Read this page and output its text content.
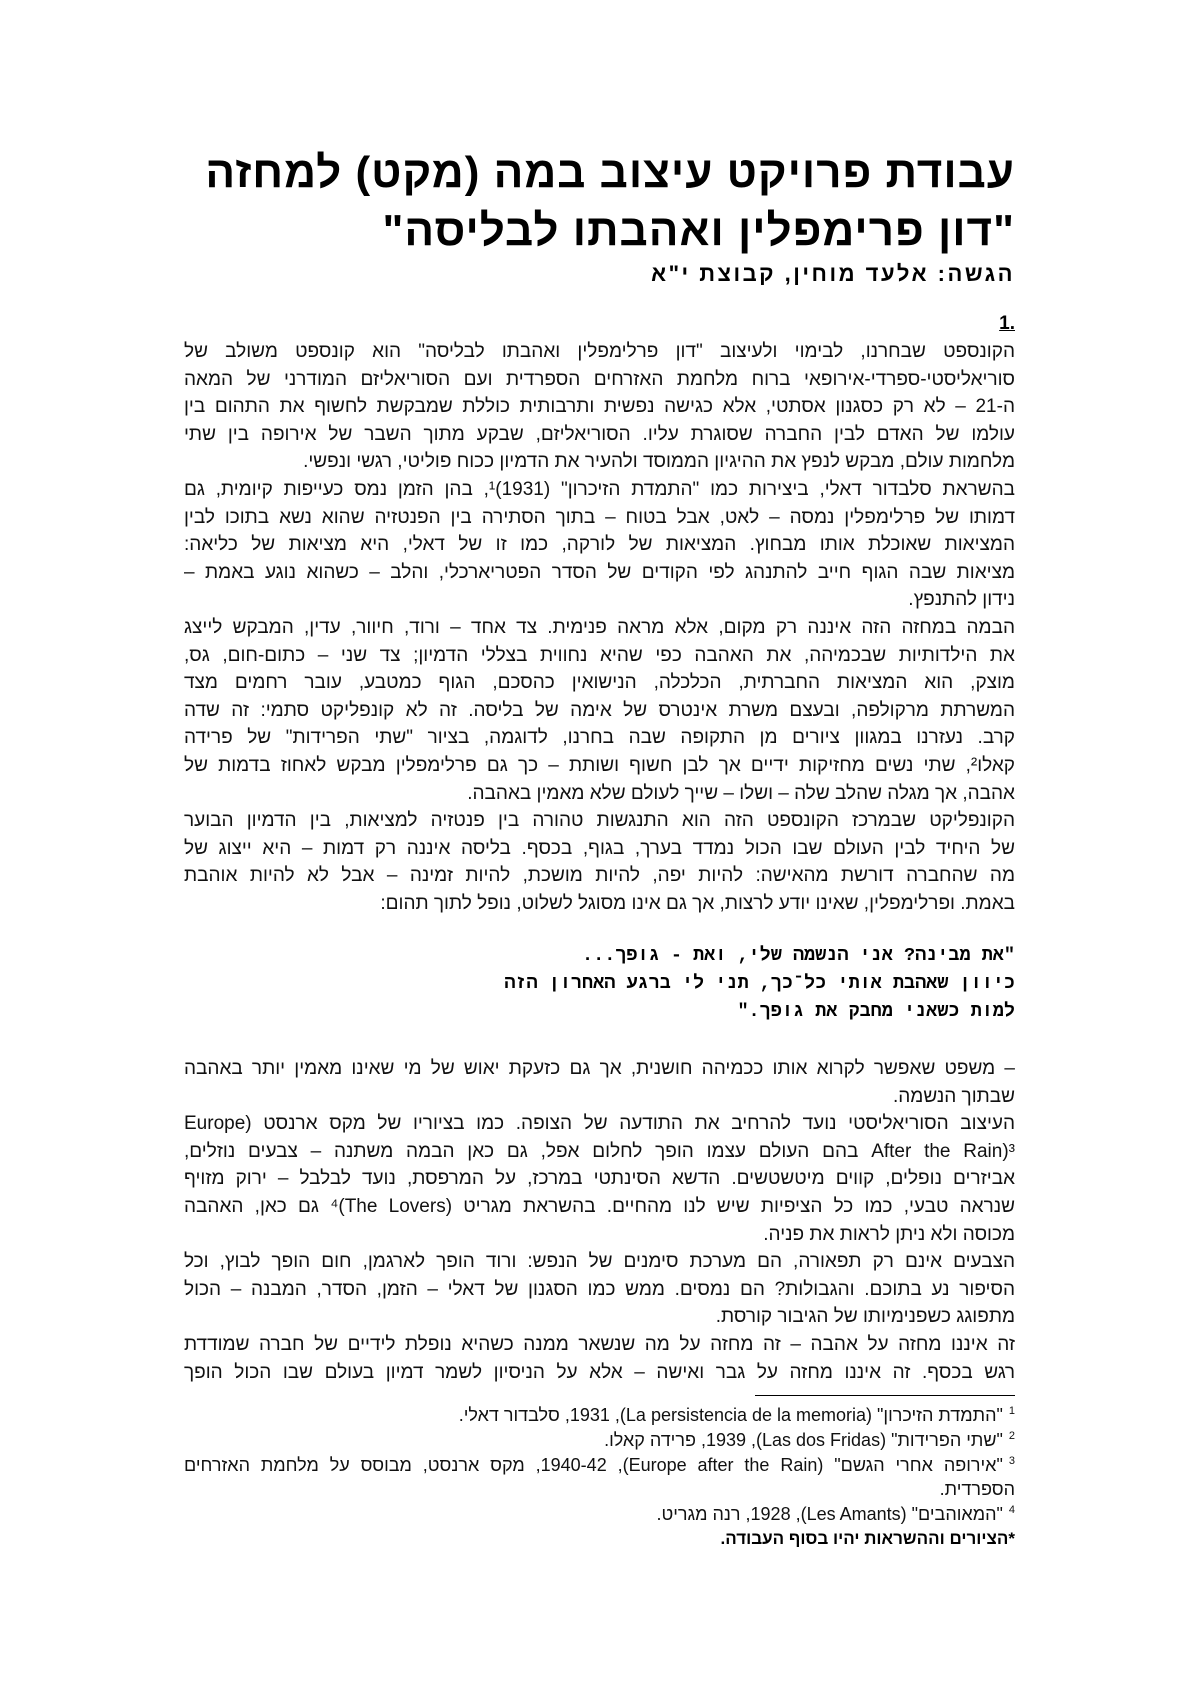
עבודת פרויקט עיצוב במה (מקט) למחזה
"דון פרימפלין ואהבתו לבליסה"
הגשה: אלעד מוחין, קבוצת י"א
1.
הקונספט שבחרנו, לבימוי ולעיצוב "דון פרלימפלין ואהבתו לבליסה" הוא קונספט משולב של
סוריאליסטי-ספרדי-אירופאי ברוח מלחמת האזרחים הספרדית ועם הסוריאליזם המודרני של המאה
ה-21 – לא רק כסגנון אסתטי, אלא כגישה נפשית ותרבותית כוללת שמבקשת לחשוף את התהום בין
עולמו של האדם לבין החברה שסוגרת עליו. הסוריאליזם, שבקע מתוך השבר של אירופה בין שתי
מלחמות עולם, מבקש לנפץ את ההיגיון הממוסד ולהעיר את הדמיון ככוח פוליטי, רגשי ונפשי.
בהשראת סלבדור דאלי, ביצירות כמו "התמדת הזיכרון" (1931)¹, בהן הזמן נמס כעייפות קיומית, גם
דמותו של פרלימפלין נמסה – לאט, אבל בטוח – בתוך הסתירה בין הפנטזיה שהוא נשא בתוכו לבין
המציאות שאוכלת אותו מבחוץ. המציאות של לורקה, כמו זו של דאלי, היא מציאות של כליאה:
מציאות שבה הגוף חייב להתנהג לפי הקודים של הסדר הפטריארכלי, והלב – כשהוא נוגע באמת –
נידון להתנפץ.
הבמה במחזה הזה איננה רק מקום, אלא מראה פנימית. צד אחד – ורוד, חיוור, עדין, המבקש לייצג
את הילדותיות שבכמיהה, את האהבה כפי שהיא נחווית בצללי הדמיון; צד שני – כתום-חום, גס,
מוצק, הוא המציאות החברתית, הכלכלה, הנישואין כהסכם, הגוף כמטבע, עובר רחמים מצד
המשרתת מרקולפה, ובעצם משרת אינטרס של אימה של בליסה. זה לא קונפליקט סתמי: זה שדה
קרב. נעזרנו במגוון ציורים מן התקופה שבה בחרנו, לדוגמה, בציור "שתי הפרידות" של פרידה
קאלו², שתי נשים מחזיקות ידיים אך לבן חשוף ושותת – כך גם פרלימפלין מבקש לאחוז בדמות של
אהבה, אך מגלה שהלב שלה – ושלו – שייך לעולם שלא מאמין באהבה.
הקונפליקט שבמרכז הקונספט הזה הוא התנגשות טהורה בין פנטזיה למציאות, בין הדמיון הבוער
של היחיד לבין העולם שבו הכול נמדד בערך, בגוף, בכסף. בליסה איננה רק דמות – היא ייצוג של
מה שהחברה דורשת מהאישה: להיות יפה, להיות מושכת, להיות זמינה – אבל לא להיות אוהבת
באמת. ופרלימפלין, שאינו יודע לרצות, אך גם אינו מסוגל לשלוט, נופל לתוך תהום:
"את מבינה? אני הנשמה שלי, ואת - גופך...
כיוון שאהבת אותי כל־כך, תני לי ברגע האחרון הזה
למות כשאני מחבק את גופך."
– משפט שאפשר לקרוא אותו ככמיהה חושנית, אך גם כזעקת יאוש של מי שאינו מאמין יותר באהבה
שבתוך הנשמה.
העיצוב הסוריאליסטי נועד להרחיב את התודעה של הצופה. כמו בציוריו של מקס ארנסט (Europe
After the Rain)³ בהם העולם עצמו הופך לחלום אפל, גם כאן הבמה משתנה – צבעים נוזלים,
אביזרים נופלים, קווים מיטשטשים. הדשא הסינתטי במרכז, על המרפסת, נועד לבלבל – ירוק מזויף
שנראה טבעי, כמו כל הציפיות שיש לנו מהחיים. בהשראת מגריט (The Lovers)⁴ גם כאן, האהבה
מכוסה ולא ניתן לראות את פניה.
הצבעים אינם רק תפאורה, הם מערכת סימנים של הנפש: ורוד הופך לארגמן, חום הופך לבוץ, וכל
הסיפור נע בתוכם. והגבולות? הם נמסים. ממש כמו הסגנון של דאלי – הזמן, הסדר, המבנה – הכול
מתפוגג כשפנימיותו של הגיבור קורסת.
זה איננו מחזה על אהבה – זה מחזה על מה שנשאר ממנה כשהיא נופלת לידיים של חברה שמודדת
רגש בכסף. זה איננו מחזה על גבר ואישה – אלא על הניסיון לשמר דמיון בעולם שבו הכול הופך
$^1$"התמדת הזיכרון" (La persistencia de la memoria), 1931, סלבדור דאלי.
$^2$"שתי הפרידות" (Las dos Fridas), 1939, פרידה קאלו.
$^3$"אירופה אחרי הגשם" (Europe after the Rain), 1940-42, מקס ארנסט, מבוסס על מלחמת האזרחים הספרדית.
$^4$"המאוהבים" (Les Amants), 1928, רנה מגריט.
*הציורים וההשראות יהיו בסוף העבודה.
